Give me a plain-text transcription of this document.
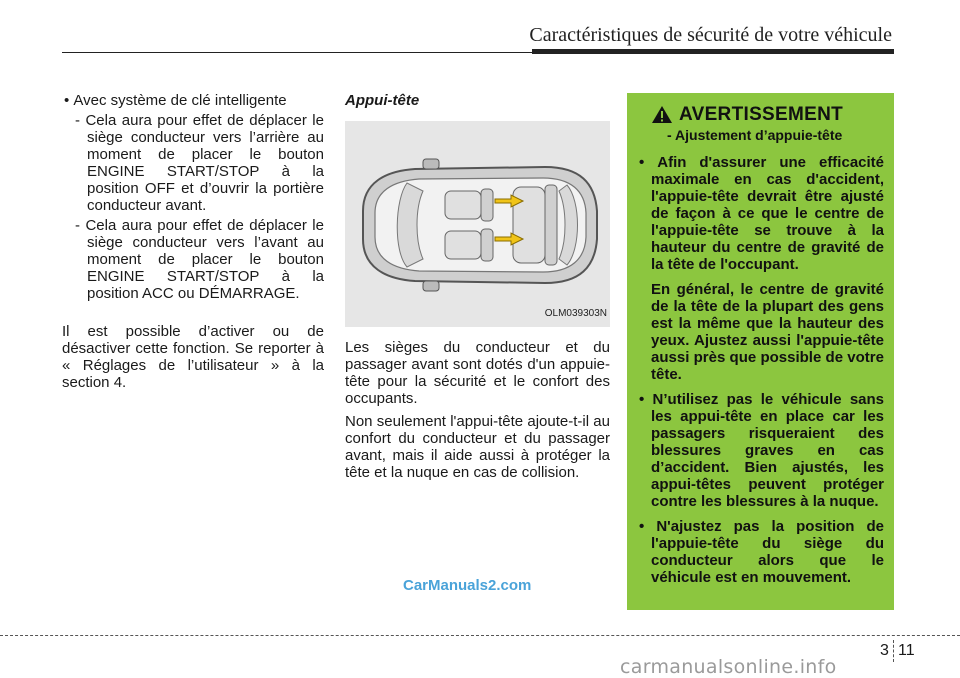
Caractéristiques de sécurité de votre véhicule

• Avec système de clé intelligente

- Cela aura pour effet de déplacer le siège conducteur vers l’arrière au moment de placer le bouton ENGINE START/STOP à la position OFF et d’ouvrir la portière conducteur avant.

- Cela aura pour effet de déplacer le siège conducteur vers l’avant au moment de placer le bouton ENGINE START/STOP à la position ACC ou DÉMARRAGE.

Il est possible d’activer ou de désactiver cette fonction. Se reporter à « Réglages de l’utilisateur » à la section 4.

Appui-tête
OLM039303N

Les sièges du conducteur et du passager avant sont dotés d'un appuie-tête pour la sécurité et le confort des occupants.

Non seulement l'appui-tête ajoute-t-il au confort du conducteur et du passager avant, mais il aide aussi à protéger la tête et la nuque en cas de collision.

AVERTISSEMENT
- Ajustement d’appuie-tête

• Afin d'assurer une efficacité maximale en cas d'accident, l'appuie-tête devrait être ajusté de façon à ce que le centre de l'appuie-tête se trouve à la hauteur du centre de gravité de la tête de l'occupant.

En général, le centre de gravité de la tête de la plupart des gens est la même que la hauteur des yeux. Ajustez aussi l'appuie-tête aussi près que possible de votre tête.

• N’utilisez pas le véhicule sans les appui-tête en place car les passagers risqueraient des blessures graves en cas d’accident. Bien ajustés, les appui-têtes peuvent protéger contre les blessures à la nuque.

• N'ajustez pas la position de l'appuie-tête du siège du conducteur alors que le véhicule est en mouvement.

CarManuals2.com
3 11
carmanualsonline.info
